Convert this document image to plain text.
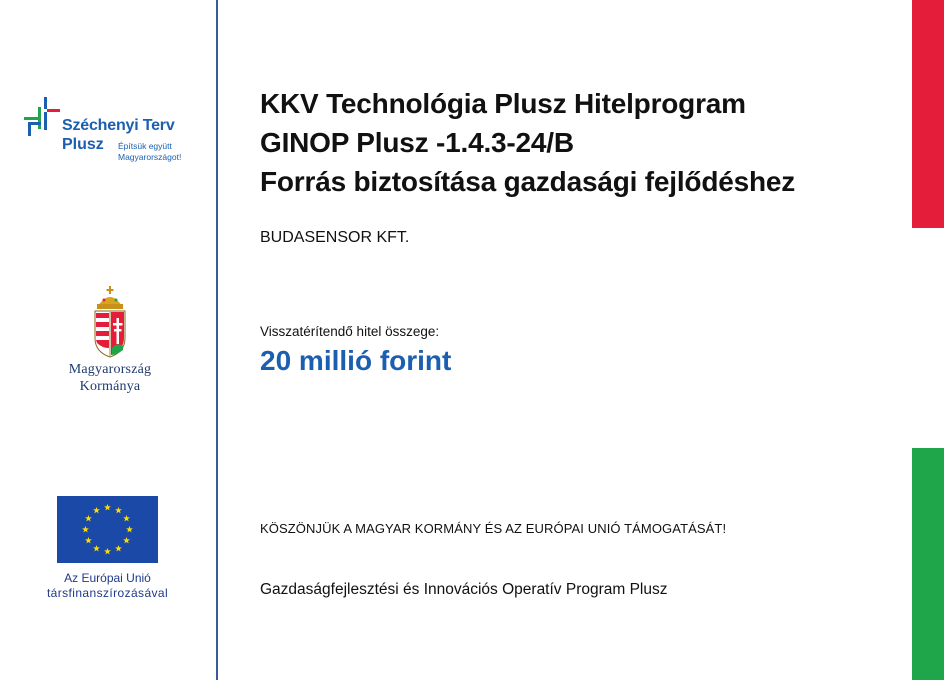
Széchenyi Terv
Plusz Építsük együtt
Magyarországot!
Magyarország
Kormánya
Az Európai Unió
társfinanszírozásával
KKV Technológia Plusz Hitelprogram
GINOP Plusz -1.4.3-24/B
Forrás biztosítása gazdasági fejlődéshez
BUDASENSOR KFT.
Visszatérítendő hitel összege:
20 millió forint
KÖSZÖNJÜK A MAGYAR KORMÁNY ÉS AZ EURÓPAI UNIÓ TÁMOGATÁSÁT!
Gazdaságfejlesztési és Innovációs Operatív Program Plusz
